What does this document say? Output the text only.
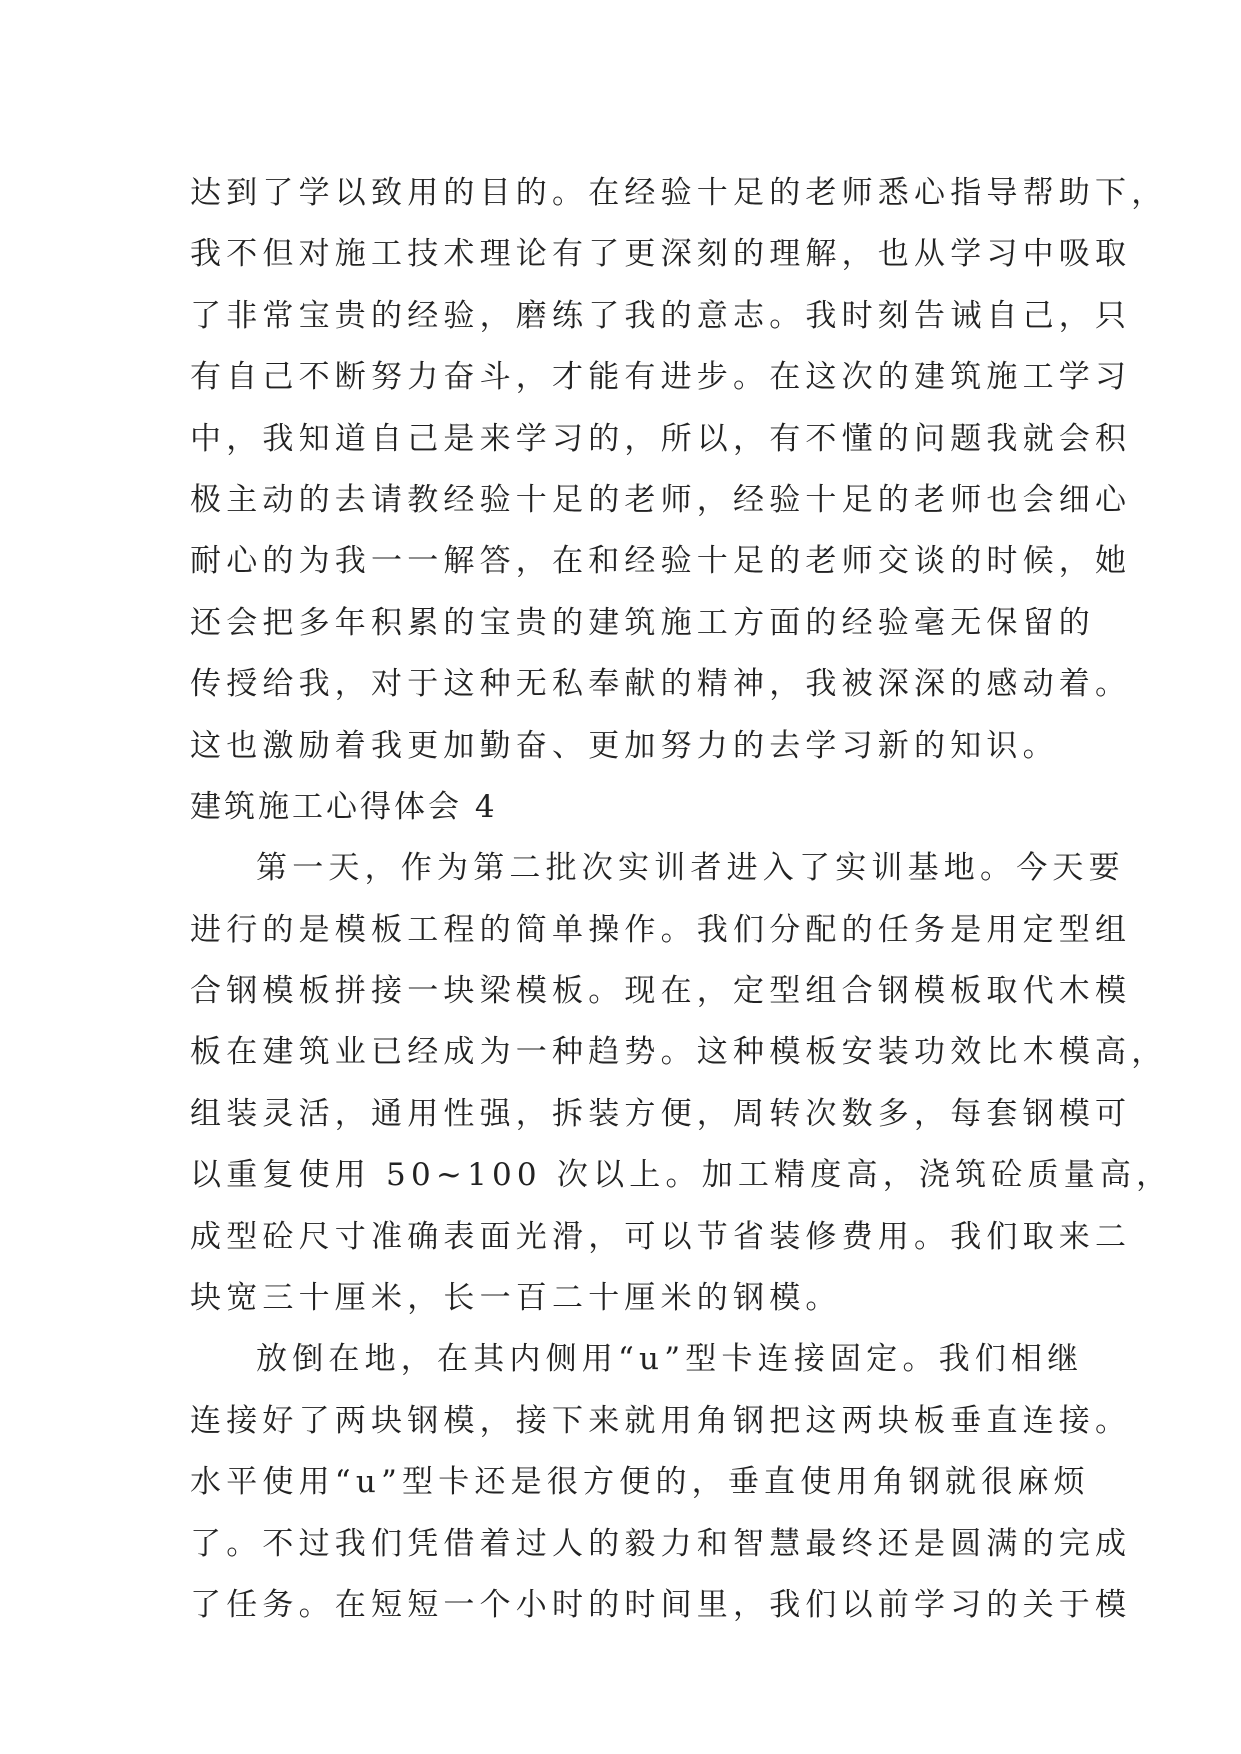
达到了学以致用的目的。在经验十足的老师悉心指导帮助下，
我不但对施工技术理论有了更深刻的理解，也从学习中吸取
了非常宝贵的经验，磨练了我的意志。我时刻告诫自己，只
有自己不断努力奋斗，才能有进步。在这次的建筑施工学习
中，我知道自己是来学习的，所以，有不懂的问题我就会积
极主动的去请教经验十足的老师，经验十足的老师也会细心
耐心的为我一一解答，在和经验十足的老师交谈的时候，她
还会把多年积累的宝贵的建筑施工方面的经验毫无保留的
传授给我，对于这种无私奉献的精神，我被深深的感动着。
这也激励着我更加勤奋、更加努力的去学习新的知识。
建筑施工心得体会 4
第一天，作为第二批次实训者进入了实训基地。今天要
进行的是模板工程的简单操作。我们分配的任务是用定型组
合钢模板拼接一块梁模板。现在，定型组合钢模板取代木模
板在建筑业已经成为一种趋势。这种模板安装功效比木模高，
组装灵活，通用性强，拆装方便，周转次数多，每套钢模可
以重复使用 50~100 次以上。加工精度高，浇筑砼质量高，
成型砼尺寸准确表面光滑，可以节省装修费用。我们取来二
块宽三十厘米，长一百二十厘米的钢模。
放倒在地，在其内侧用“u”型卡连接固定。我们相继
连接好了两块钢模，接下来就用角钢把这两块板垂直连接。
水平使用“u”型卡还是很方便的，垂直使用角钢就很麻烦
了。不过我们凭借着过人的毅力和智慧最终还是圆满的完成
了任务。在短短一个小时的时间里，我们以前学习的关于模
